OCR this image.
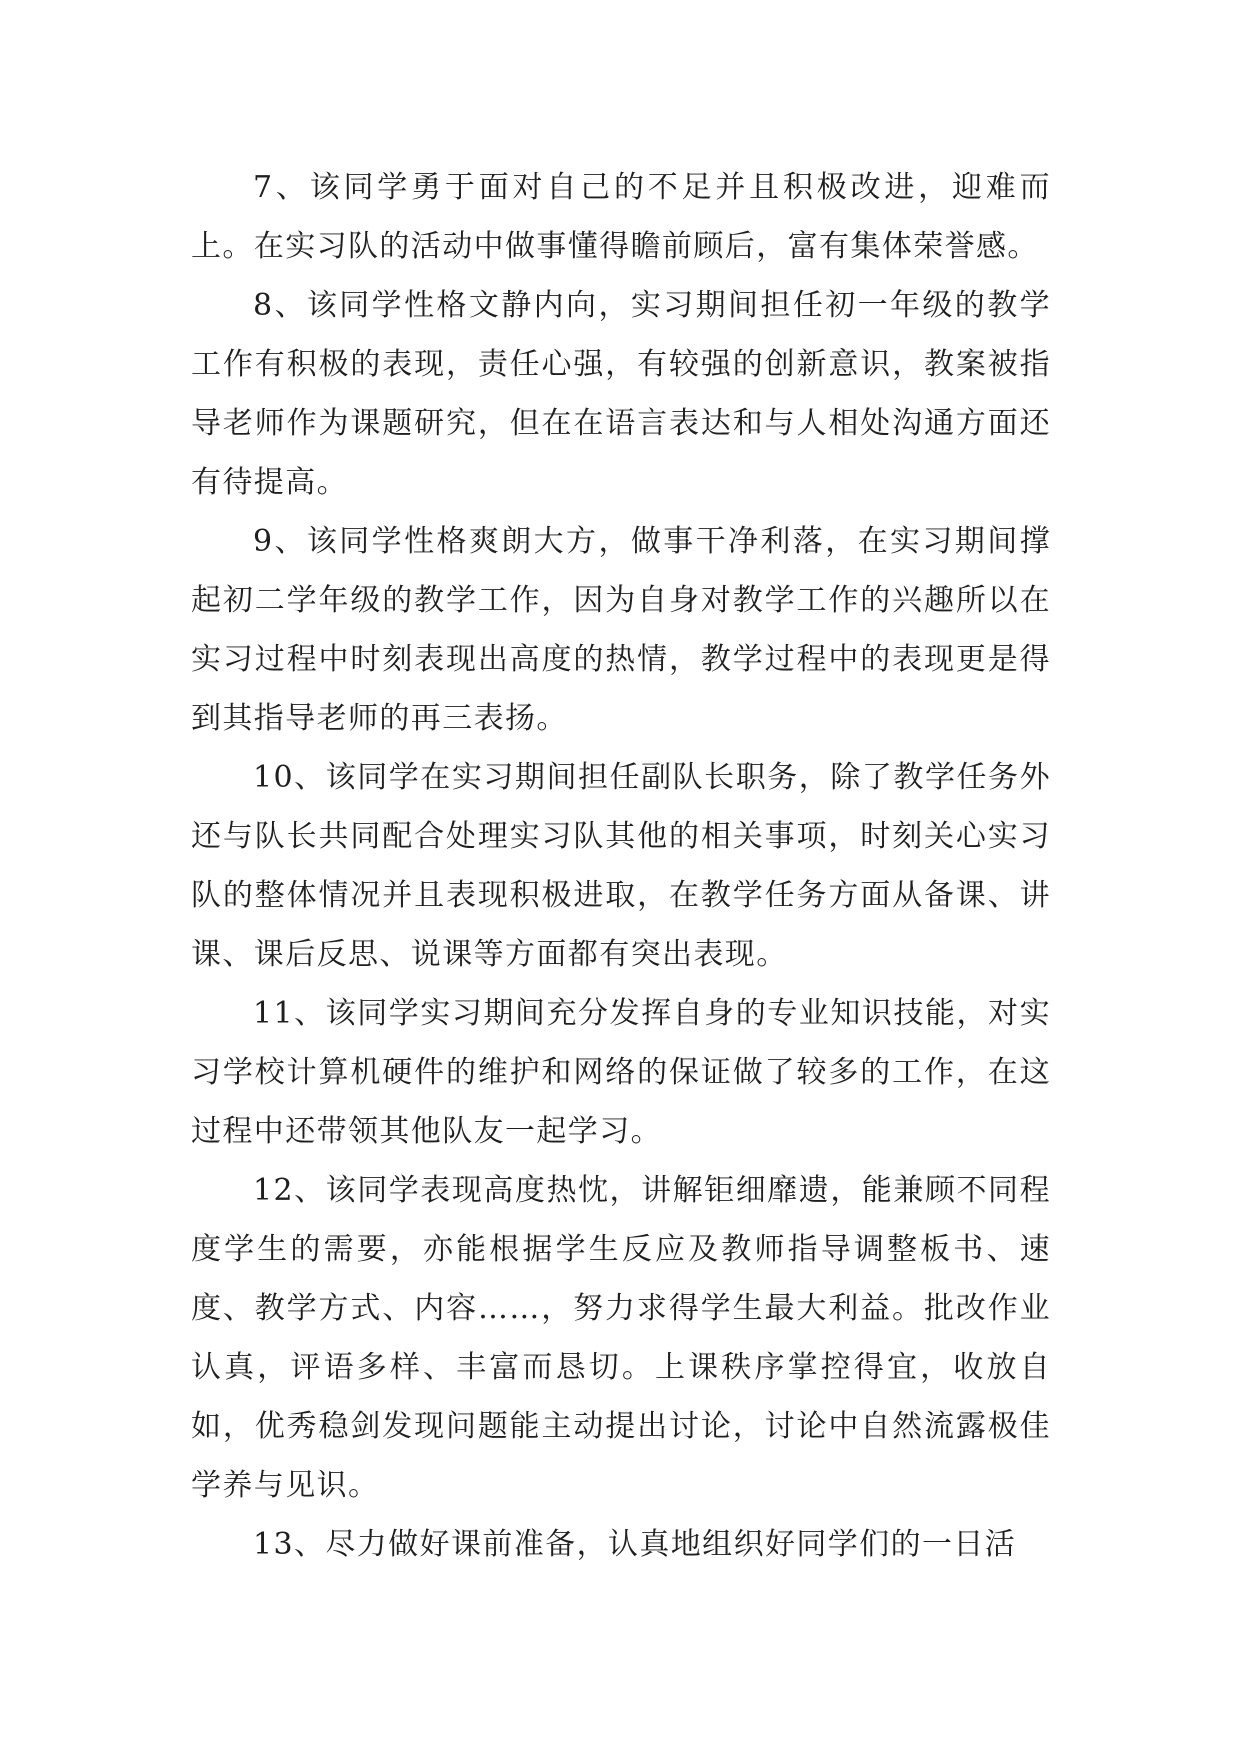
7、该同学勇于面对自己的不足并且积极改进，迎难而上。在实习队的活动中做事懂得瞻前顾后，富有集体荣誉感。

8、该同学性格文静内向，实习期间担任初一年级的教学工作有积极的表现，责任心强，有较强的创新意识，教案被指导老师作为课题研究，但在在语言表达和与人相处沟通方面还有待提高。

9、该同学性格爽朗大方，做事干净利落，在实习期间撑起初二学年级的教学工作，因为自身对教学工作的兴趣所以在实习过程中时刻表现出高度的热情，教学过程中的表现更是得到其指导老师的再三表扬。

10、该同学在实习期间担任副队长职务，除了教学任务外还与队长共同配合处理实习队其他的相关事项，时刻关心实习队的整体情况并且表现积极进取，在教学任务方面从备课、讲课、课后反思、说课等方面都有突出表现。

11、该同学实习期间充分发挥自身的专业知识技能，对实习学校计算机硬件的维护和网络的保证做了较多的工作，在这过程中还带领其他队友一起学习。

12、该同学表现高度热忱，讲解钜细靡遗，能兼顾不同程度学生的需要，亦能根据学生反应及教师指导调整板书、速度、教学方式、内容……，努力求得学生最大利益。批改作业认真，评语多样、丰富而恳切。上课秩序掌控得宜，收放自如，优秀稳剑发现问题能主动提出讨论，讨论中自然流露极佳学养与见识。

13、尽力做好课前准备，认真地组织好同学们的一日活
